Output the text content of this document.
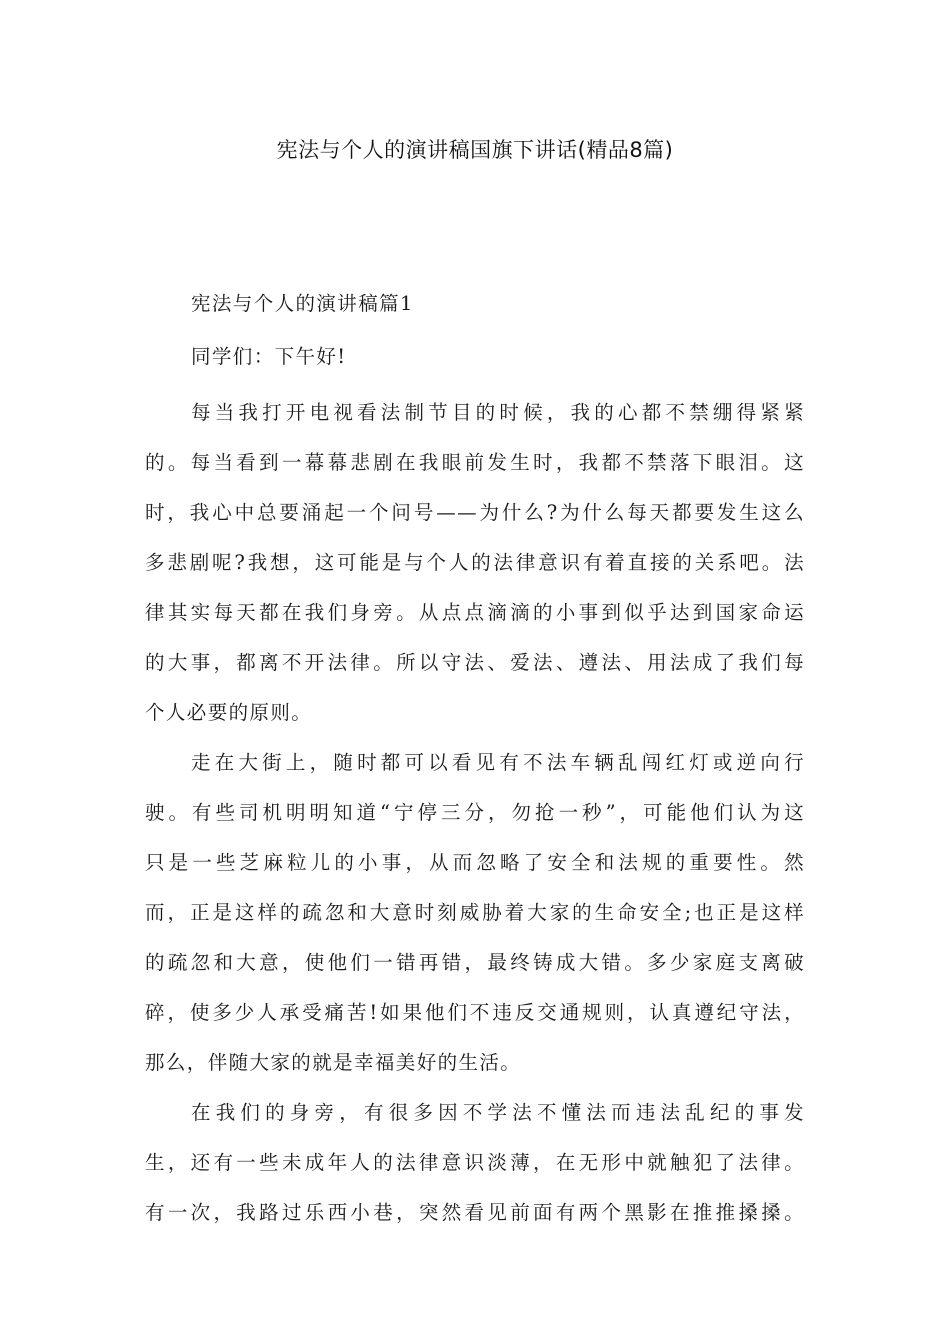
宪法与个人的演讲稿国旗下讲话(精品8篇)
宪法与个人的演讲稿篇1
同学们：下午好!
每当我打开电视看法制节目的时候，我的心都不禁绷得紧紧
的。每当看到一幕幕悲剧在我眼前发生时，我都不禁落下眼泪。这
时，我心中总要涌起一个问号——为什么?为什么每天都要发生这么
多悲剧呢?我想，这可能是与个人的法律意识有着直接的关系吧。法
律其实每天都在我们身旁。从点点滴滴的小事到似乎达到国家命运
的大事，都离不开法律。所以守法、爱法、遵法、用法成了我们每
个人必要的原则。
走在大街上，随时都可以看见有不法车辆乱闯红灯或逆向行
驶。有些司机明明知道“宁停三分，勿抢一秒”，可能他们认为这
只是一些芝麻粒儿的小事，从而忽略了安全和法规的重要性。然
而，正是这样的疏忽和大意时刻威胁着大家的生命安全;也正是这样
的疏忽和大意，使他们一错再错，最终铸成大错。多少家庭支离破
碎，使多少人承受痛苦!如果他们不违反交通规则，认真遵纪守法，
那么，伴随大家的就是幸福美好的生活。
在我们的身旁，有很多因不学法不懂法而违法乱纪的事发
生，还有一些未成年人的法律意识淡薄，在无形中就触犯了法律。
有一次，我路过乐西小巷，突然看见前面有两个黑影在推推搡搡。
